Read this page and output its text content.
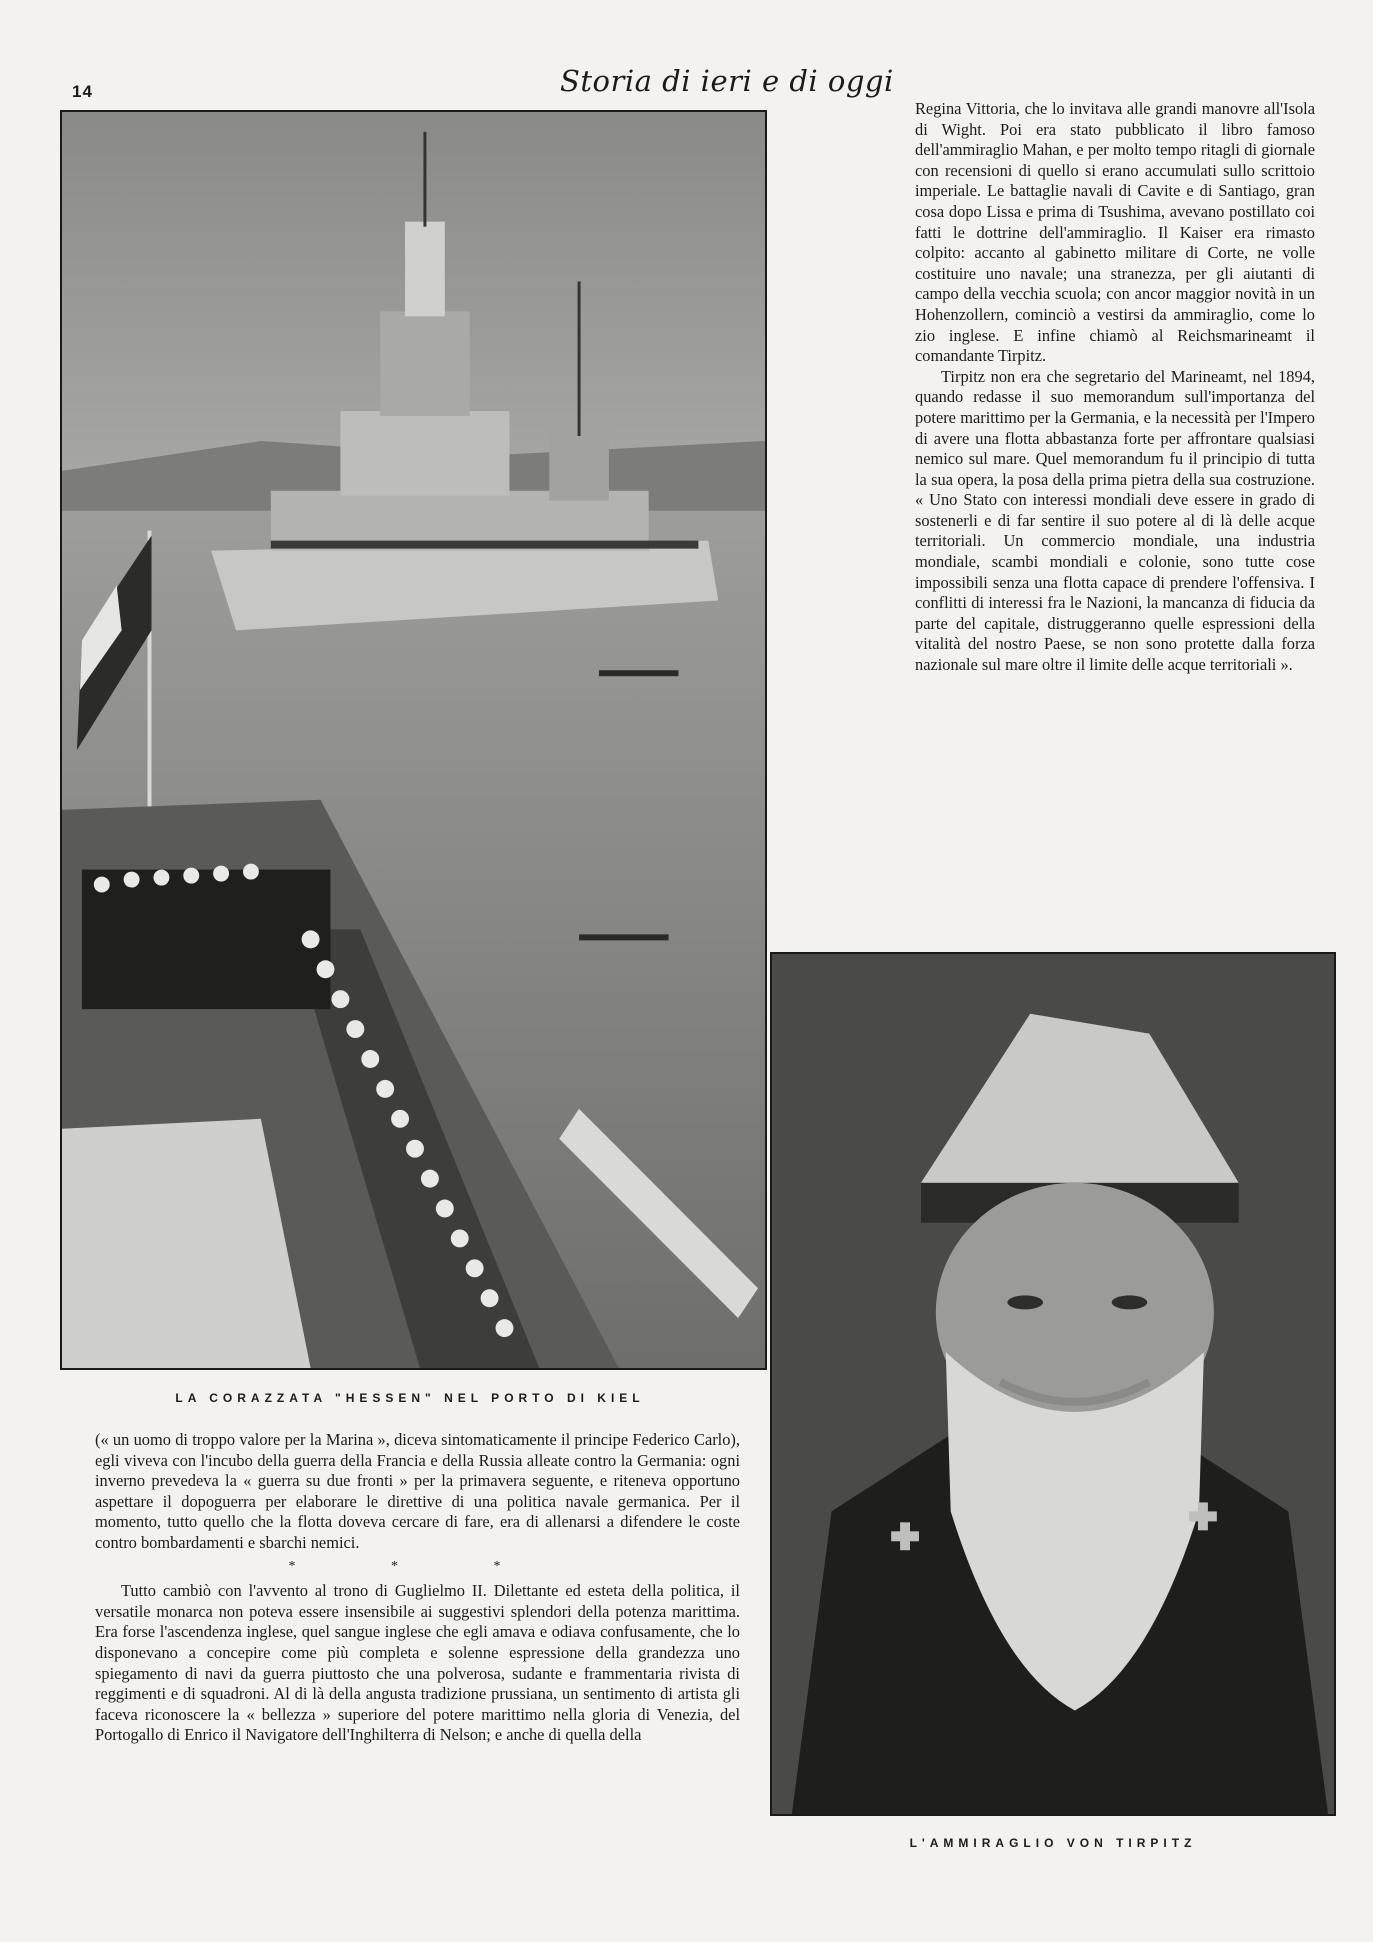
14	Storia di ieri e di oggi
LA CORAZZATA "HESSEN" NEL PORTO DI KIEL

Regina Vittoria, che lo invitava alle grandi manovre all'Isola di Wight. Poi era stato pubblicato il libro famoso dell'ammiraglio Mahan, e per molto tempo ritagli di giornale con recensioni di quello si erano accumulati sullo scrittoio imperiale. Le battaglie navali di Cavite e di Santiago, gran cosa dopo Lissa e prima di Tsushima, avevano postillato coi fatti le dottrine dell'ammiraglio. Il Kaiser era rimasto colpito: accanto al gabinetto militare di Corte, ne volle costituire uno navale; una stranezza, per gli aiutanti di campo della vecchia scuola; con ancor maggior novità in un Hohenzollern, cominciò a vestirsi da ammiraglio, come lo zio inglese. E infine chiamò al Reichsmarineamt il comandante Tirpitz.

Tirpitz non era che segretario del Marineamt, nel 1894, quando redasse il suo memorandum sull'importanza del potere marittimo per la Germania, e la necessità per l'Impero di avere una flotta abbastanza forte per affrontare qualsiasi nemico sul mare. Quel memorandum fu il principio di tutta la sua opera, la posa della prima pietra della sua costruzione. « Uno Stato con interessi mondiali deve essere in grado di sostenerli e di far sentire il suo potere al di là delle acque territoriali. Un commercio mondiale, una industria mondiale, scambi mondiali e colonie, sono tutte cose impossibili senza una flotta capace di prendere l'offensiva. I conflitti di interessi fra le Nazioni, la mancanza di fiducia da parte del capitale, distruggeranno quelle espressioni della vitalità del nostro Paese, se non sono protette dalla forza nazionale sul mare oltre il limite delle acque territoriali ».

L'AMMIRAGLIO VON TIRPITZ

(« un uomo di troppo valore per la Marina », diceva sintomaticamente il principe Federico Carlo), egli viveva con l'incubo della guerra della Francia e della Russia alleate contro la Germania: ogni inverno prevedeva la « guerra su due fronti » per la primavera seguente, e riteneva opportuno aspettare il dopoguerra per elaborare le direttive di una politica navale germanica. Per il momento, tutto quello che la flotta doveva cercare di fare, era di allenarsi a difendere le coste contro bombardamenti e sbarchi nemici.

* * *

Tutto cambiò con l'avvento al trono di Guglielmo II. Dilettante ed esteta della politica, il versatile monarca non poteva essere insensibile ai suggestivi splendori della potenza marittima. Era forse l'ascendenza inglese, quel sangue inglese che egli amava e odiava confusamente, che lo disponevano a concepire come più completa e solenne espressione della grandezza uno spiegamento di navi da guerra piuttosto che una polverosa, sudante e frammentaria rivista di reggimenti e di squadroni. Al di là della angusta tradizione prussiana, un sentimento di artista gli faceva riconoscere la « bellezza » superiore del potere marittimo nella gloria di Venezia, del Portogallo di Enrico il Navigatore dell'Inghilterra di Nelson; e anche di quella della
